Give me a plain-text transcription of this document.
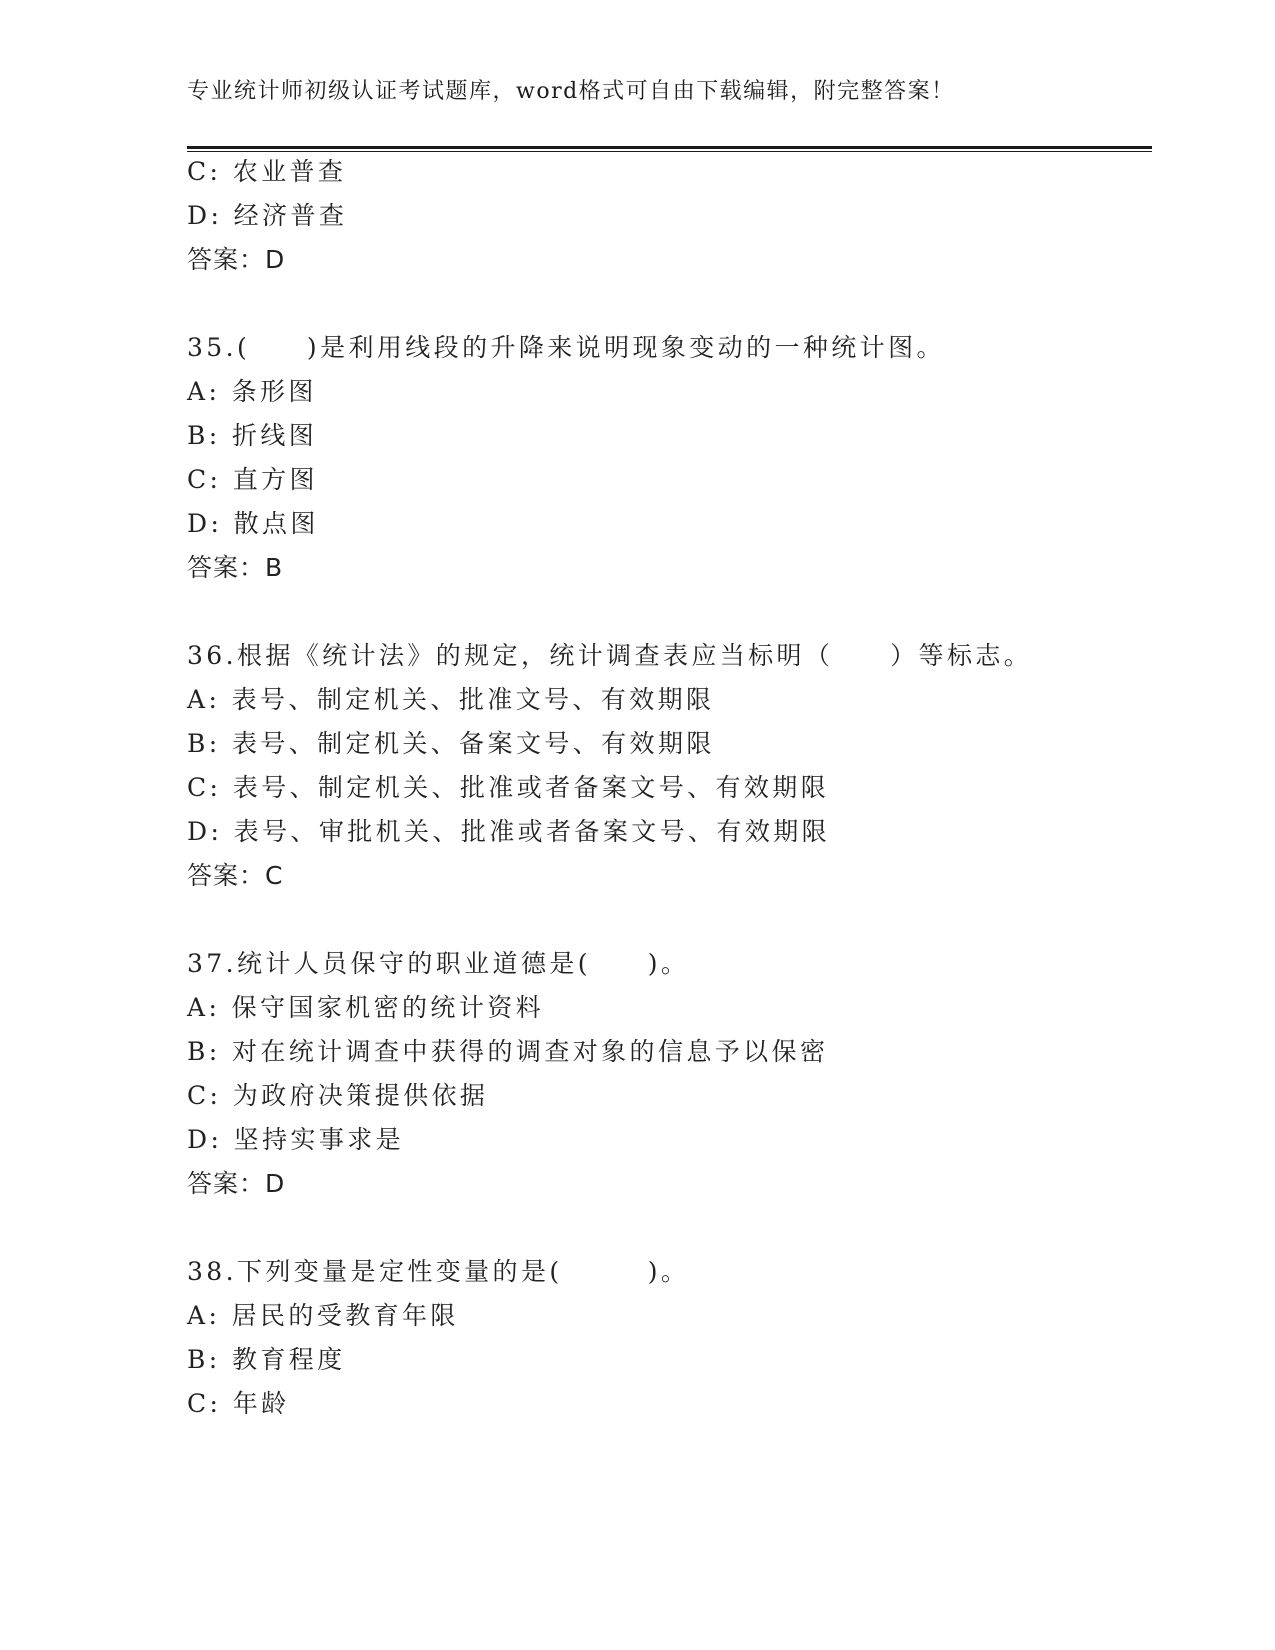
专业统计师初级认证考试题库，word格式可自由下载编辑，附完整答案！
C: 农业普查
D: 经济普查
答案：D
35.(　　)是利用线段的升降来说明现象变动的一种统计图。
A: 条形图
B: 折线图
C: 直方图
D: 散点图
答案：B
36.根据《统计法》的规定，统计调查表应当标明（　　）等标志。
A: 表号、制定机关、批准文号、有效期限
B: 表号、制定机关、备案文号、有效期限
C: 表号、制定机关、批准或者备案文号、有效期限
D: 表号、审批机关、批准或者备案文号、有效期限
答案：C
37.统计人员保守的职业道德是(　　)。
A: 保守国家机密的统计资料
B: 对在统计调查中获得的调查对象的信息予以保密
C: 为政府决策提供依据
D: 坚持实事求是
答案：D
38.下列变量是定性变量的是(　　　)。
A: 居民的受教育年限
B: 教育程度
C: 年龄
